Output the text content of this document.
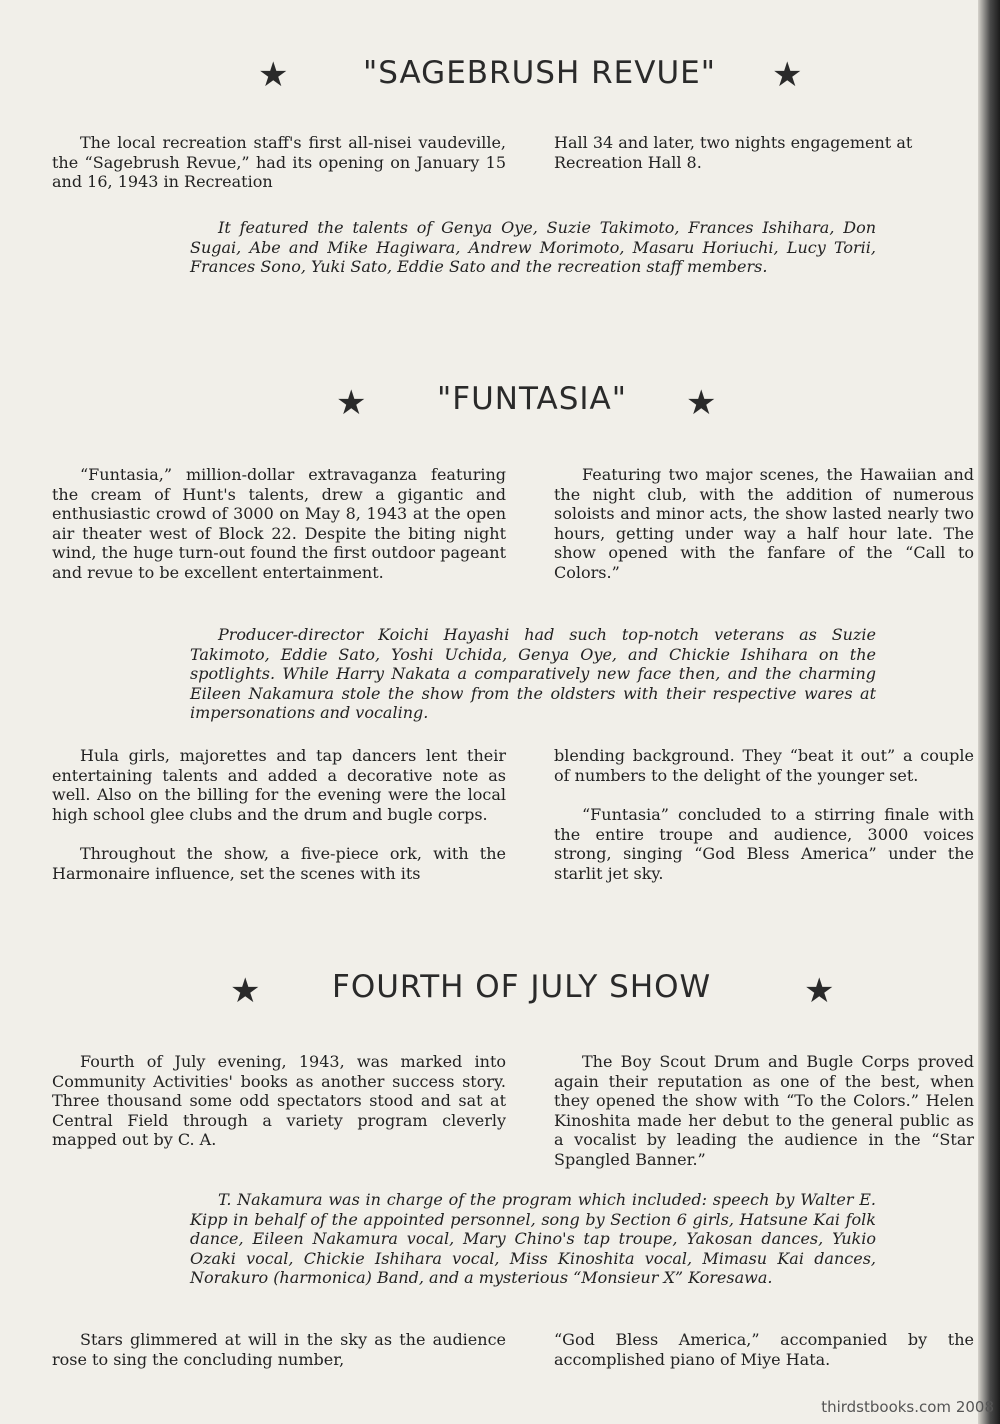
★ "SAGEBRUSH REVUE" ★

The local recreation staff's first all-nisei vaudeville, the “Sagebrush Revue,” had its opening on January 15 and 16, 1943 in Recreation

Hall 34 and later, two nights engagement at Recreation Hall 8.

It featured the talents of Genya Oye, Suzie Takimoto, Frances Ishihara, Don Sugai, Abe and Mike Hagiwara, Andrew Morimoto, Masaru Horiuchi, Lucy Torii, Frances Sono, Yuki Sato, Eddie Sato and the recreation staff members.

★ "FUNTASIA" ★

“Funtasia,” million-dollar extravaganza featuring the cream of Hunt's talents, drew a gigantic and enthusiastic crowd of 3000 on May 8, 1943 at the open air theater west of Block 22. Despite the biting night wind, the huge turn-out found the first outdoor pageant and revue to be excellent entertainment.

Featuring two major scenes, the Hawaiian and the night club, with the addition of numerous soloists and minor acts, the show lasted nearly two hours, getting under way a half hour late. The show opened with the fanfare of the “Call to Colors.”

Producer-director Koichi Hayashi had such top-notch veterans as Suzie Takimoto, Eddie Sato, Yoshi Uchida, Genya Oye, and Chickie Ishihara on the spotlights. While Harry Nakata a comparatively new face then, and the charming Eileen Nakamura stole the show from the oldsters with their respective wares at impersonations and vocaling.

Hula girls, majorettes and tap dancers lent their entertaining talents and added a decorative note as well. Also on the billing for the evening were the local high school glee clubs and the drum and bugle corps.

Throughout the show, a five-piece ork, with the Harmonaire influence, set the scenes with its

blending background. They “beat it out” a couple of numbers to the delight of the younger set.

“Funtasia” concluded to a stirring finale with the entire troupe and audience, 3000 voices strong, singing “God Bless America” under the starlit jet sky.

★ FOURTH OF JULY SHOW	★

Fourth of July evening, 1943, was marked into Community Activities' books as another success story. Three thousand some odd spectators stood and sat at Central Field through a variety program cleverly mapped out by C. A.

The Boy Scout Drum and Bugle Corps proved again their reputation as one of the best, when they opened the show with “To the Colors.” Helen Kinoshita made her debut to the general public as a vocalist by leading the audience in the “Star Spangled Banner.”

T. Nakamura was in charge of the program which included: speech by Walter E. Kipp in behalf of the appointed personnel, song by Section 6 girls, Hatsune Kai folk dance, Eileen Nakamura vocal, Mary Chino's tap troupe, Yakosan dances, Yukio Ozaki vocal, Chickie Ishihara vocal, Miss Kinoshita vocal, Mimasu Kai dances, Norakuro (harmonica) Band, and a mysterious “Monsieur X” Koresawa.

Stars glimmered at will in the sky as the audience rose to sing the concluding number,

“God Bless America,” accompanied by the accomplished piano of Miye Hata.

thirdstbooks.com 2008
